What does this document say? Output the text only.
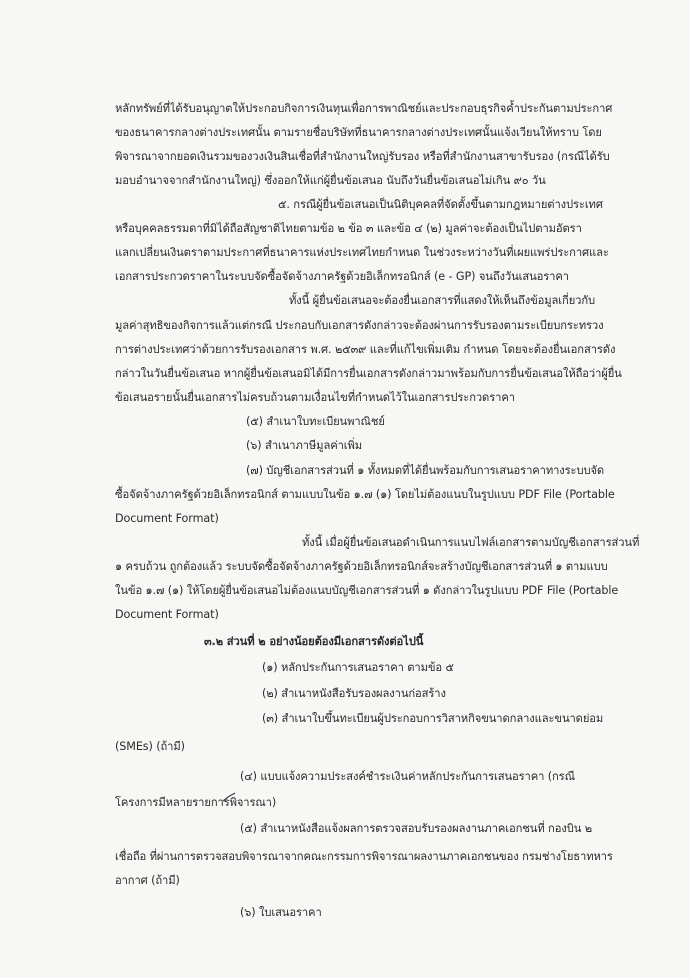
หลักทรัพย์ที่ได้รับอนุญาตให้ประกอบกิจการเงินทุนเพื่อการพาณิชย์และประกอบธุรกิจค้ำประกันตามประกาศ
ของธนาคารกลางต่างประเทศนั้น ตามรายชื่อบริษัทที่ธนาคารกลางต่างประเทศนั้นแจ้งเวียนให้ทราบ โดย
พิจารณาจากยอดเงินรวมของวงเงินสินเชื่อที่สำนักงานใหญ่รับรอง หรือที่สำนักงานสาขารับรอง (กรณีได้รับ
มอบอำนาจจากสำนักงานใหญ่) ซึ่งออกให้แก่ผู้ยื่นข้อเสนอ นับถึงวันยื่นข้อเสนอไม่เกิน ๙๐ วัน
๕. กรณีผู้ยื่นข้อเสนอเป็นนิติบุคคลที่จัดตั้งขึ้นตามกฎหมายต่างประเทศ
หรือบุคคลธรรมดาที่มิได้ถือสัญชาติไทยตามข้อ ๒ ข้อ ๓ และข้อ ๔ (๒) มูลค่าจะต้องเป็นไปตามอัตรา
แลกเปลี่ยนเงินตราตามประกาศที่ธนาคารแห่งประเทศไทยกำหนด ในช่วงระหว่างวันที่เผยแพร่ประกาศและ
เอกสารประกวดราคาในระบบจัดซื้อจัดจ้างภาครัฐด้วยอิเล็กทรอนิกส์ (e - GP) จนถึงวันเสนอราคา
ทั้งนี้ ผู้ยื่นข้อเสนอจะต้องยื่นเอกสารที่แสดงให้เห็นถึงข้อมูลเกี่ยวกับ
มูลค่าสุทธิของกิจการแล้วแต่กรณี ประกอบกับเอกสารดังกล่าวจะต้องผ่านการรับรองตามระเบียบกระทรวง
การต่างประเทศว่าด้วยการรับรองเอกสาร พ.ศ. ๒๕๓๙ และที่แก้ไขเพิ่มเติม กำหนด โดยจะต้องยื่นเอกสารดัง
กล่าวในวันยื่นข้อเสนอ หากผู้ยื่นข้อเสนอมิได้มีการยื่นเอกสารดังกล่าวมาพร้อมกับการยื่นข้อเสนอให้ถือว่าผู้ยื่น
ข้อเสนอรายนั้นยื่นเอกสารไม่ครบถ้วนตามเงื่อนไขที่กำหนดไว้ในเอกสารประกวดราคา
(๕) สำเนาใบทะเบียนพาณิชย์
(๖) สำเนาภาษีมูลค่าเพิ่ม
(๗) บัญชีเอกสารส่วนที่ ๑ ทั้งหมดที่ได้ยื่นพร้อมกับการเสนอราคาทางระบบจัด
ซื้อจัดจ้างภาครัฐด้วยอิเล็กทรอนิกส์ ตามแบบในข้อ ๑.๗ (๑) โดยไม่ต้องแนบในรูปแบบ PDF File (Portable
Document Format)
ทั้งนี้ เมื่อผู้ยื่นข้อเสนอดำเนินการแนบไฟล์เอกสารตามบัญชีเอกสารส่วนที่
๑ ครบถ้วน ถูกต้องแล้ว ระบบจัดซื้อจัดจ้างภาครัฐด้วยอิเล็กทรอนิกส์จะสร้างบัญชีเอกสารส่วนที่ ๑ ตามแบบ
ในข้อ ๑.๗ (๑) ให้โดยผู้ยื่นข้อเสนอไม่ต้องแนบบัญชีเอกสารส่วนที่ ๑ ดังกล่าวในรูปแบบ PDF File (Portable
Document Format)
๓.๒ ส่วนที่ ๒ อย่างน้อยต้องมีเอกสารดังต่อไปนี้
(๑) หลักประกันการเสนอราคา ตามข้อ ๕
(๒) สำเนาหนังสือรับรองผลงานก่อสร้าง
(๓) สำเนาใบขึ้นทะเบียนผู้ประกอบการวิสาหกิจขนาดกลางและขนาดย่อม
(SMEs) (ถ้ามี)
(๔) แบบแจ้งความประสงค์ชำระเงินค่าหลักประกันการเสนอราคา (กรณี
โครงการมีหลายรายการพิจารณา)
(๕) สำเนาหนังสือแจ้งผลการตรวจสอบรับรองผลงานภาคเอกชนที่ กองบิน ๒
เชื่อถือ ที่ผ่านการตรวจสอบพิจารณาจากคณะกรรมการพิจารณาผลงานภาคเอกชนของ กรมช่างโยธาทหาร
อากาศ (ถ้ามี)
(๖) ใบเสนอราคา
